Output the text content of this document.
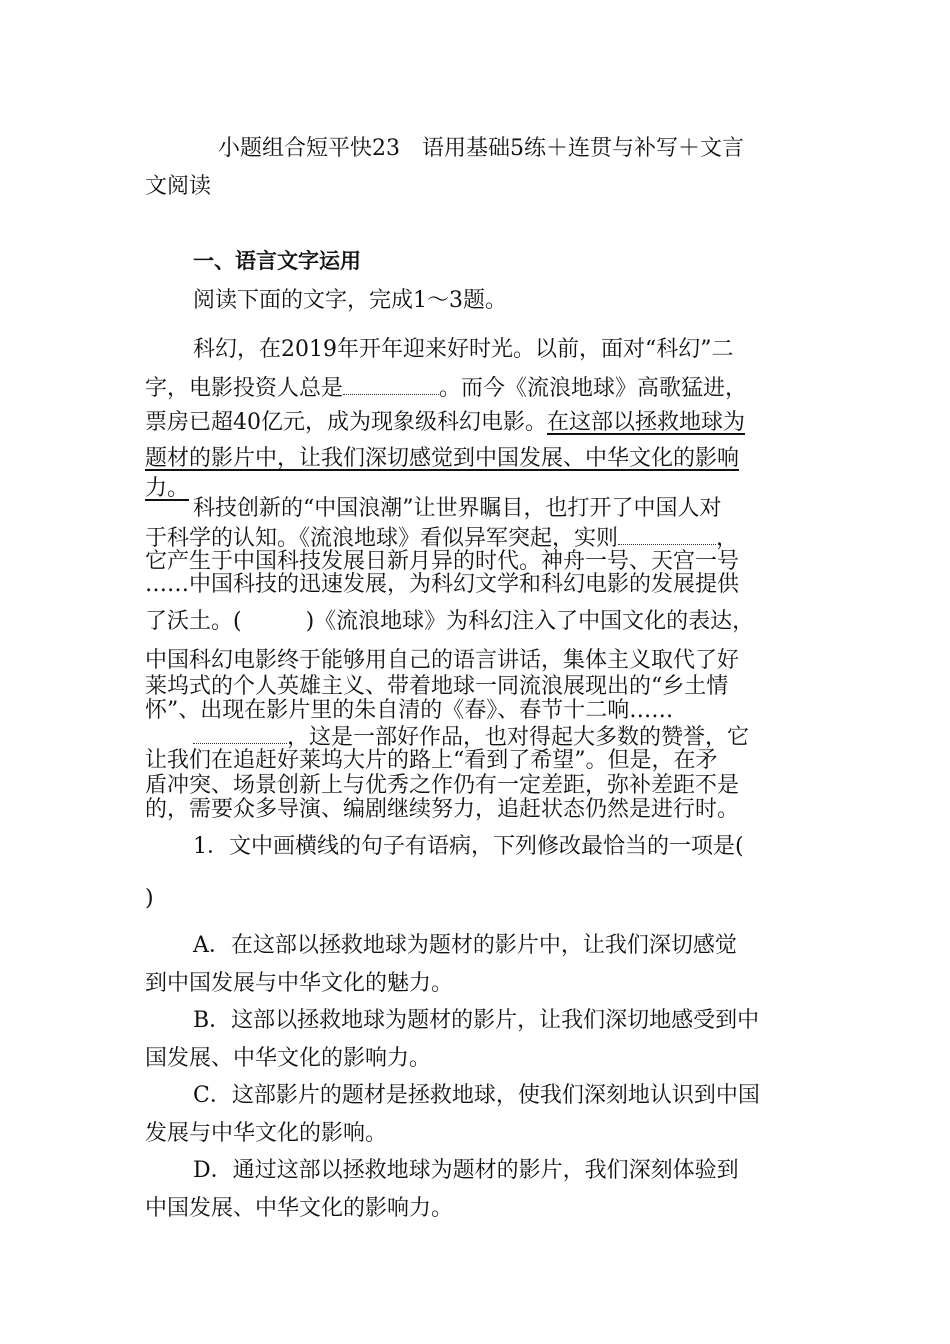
小题组合短平快23　语用基础5练＋连贯与补写＋文言
文阅读
一、语言文字运用
阅读下面的文字，完成1～3题。
科幻，在2019年开年迎来好时光。以前，面对“科幻”二
字，电影投资人总是	。而今《流浪地球》高歌猛进，
票房已超40亿元，成为现象级科幻电影。在这部以拯救地球为
题材的影片中，让我们深切感觉到中国发展、中华文化的影响
力。
科技创新的“中国浪潮”让世界瞩目，也打开了中国人对
于科学的认知。《流浪地球》看似异军突起，实则	，
它产生于中国科技发展日新月异的时代。神舟一号、天宫一号
……中国科技的迅速发展，为科幻文学和科幻电影的发展提供
了沃土。(	)《流浪地球》为科幻注入了中国文化的表达，
中国科幻电影终于能够用自己的语言讲话，集体主义取代了好
莱坞式的个人英雄主义、带着地球一同流浪展现出的“乡土情
怀”、出现在影片里的朱自清的《春》、春节十二响……
，这是一部好作品，也对得起大多数的赞誉，它
让我们在追赶好莱坞大片的路上“看到了希望”。但是，在矛
盾冲突、场景创新上与优秀之作仍有一定差距，弥补差距不是
的，需要众多导演、编剧继续努力，追赶状态仍然是进行时。
1．文中画横线的句子有语病，下列修改最恰当的一项是(
)
A．在这部以拯救地球为题材的影片中，让我们深切感觉
到中国发展与中华文化的魅力。
B．这部以拯救地球为题材的影片，让我们深切地感受到中
国发展、中华文化的影响力。
C．这部影片的题材是拯救地球，使我们深刻地认识到中国
发展与中华文化的影响。
D．通过这部以拯救地球为题材的影片，我们深刻体验到
中国发展、中华文化的影响力。
